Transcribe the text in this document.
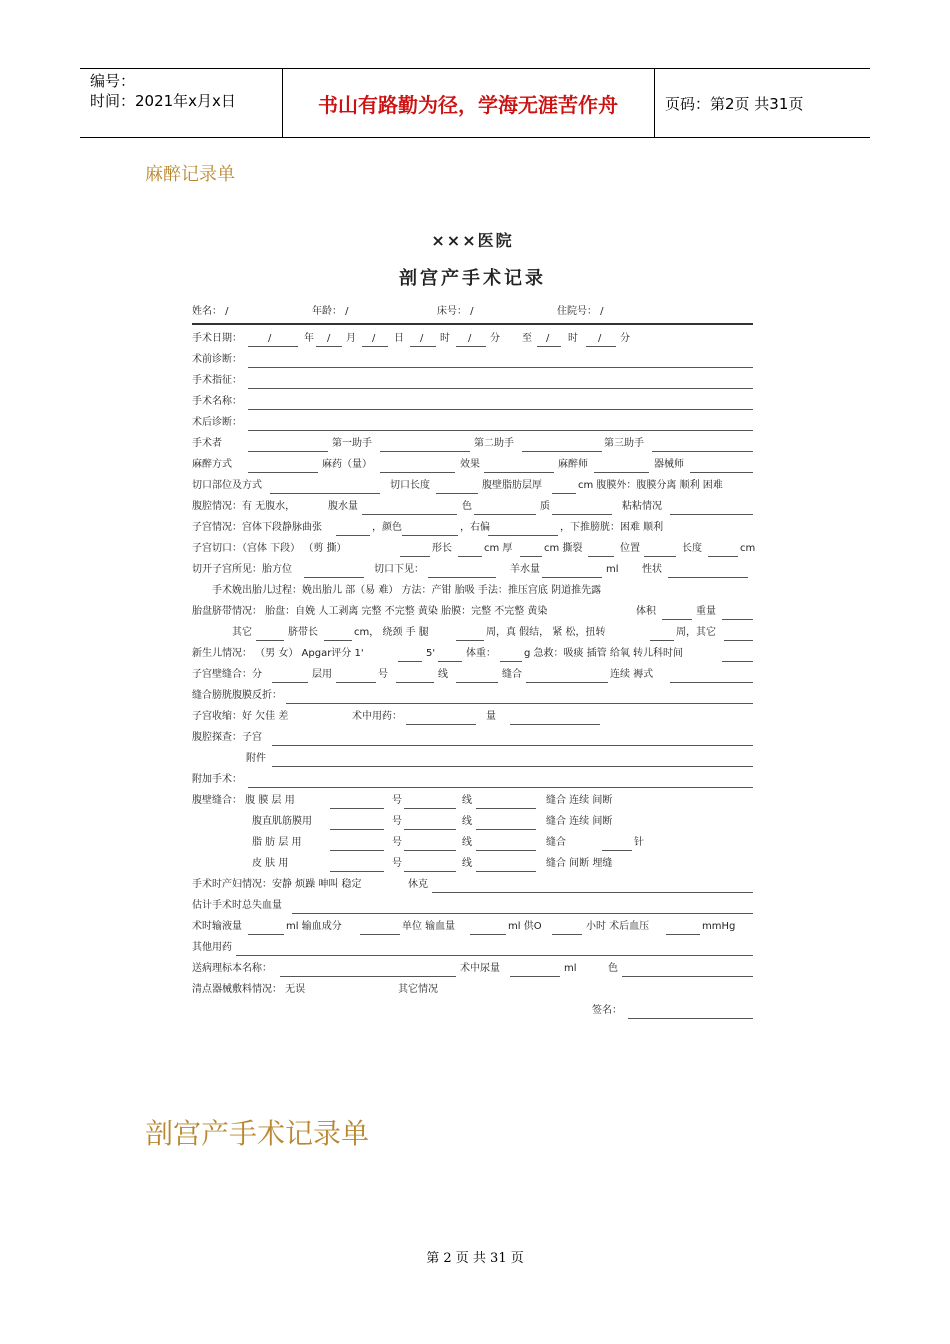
编号：
时间：2021年x月x日	书山有路勤为径，学海无涯苦作舟	页码：第2页 共31页
麻醉记录单
×××医院
剖宫产手术记录
姓名： /	年龄： /	床号： /	住院号： /
手术日期：	/	年 / 月 / 日 / 时 / 分 至 / 时 / 分
术前诊断：
手术指征：
手术名称：
术后诊断：
手术者	第一助手	第二助手	第三助手
麻醉方式	麻药（量）	效果	麻醉师	器械师
切口部位及方式	切口长度	腹壁脂肪层厚	cm 腹膜外：腹膜分离 顺利 困难
腹腔情况：有 无腹水，	腹水量	色	质	粘粘情况
子宫情况：宫体下段静脉曲张	，颜色	，右偏	，下推膀胱：困难 顺利
子宫切口：（宫体 下段） （剪 撕）	形长	cm 厚	cm 撕裂	位置	长度	cm
切开子宫所见：胎方位	切口下见：	羊水量	ml 性状
手术娩出胎儿过程：娩出胎儿 部（易 难） 方法：产钳 胎吸 手法：推压宫底 阴道推先露
胎盘脐带情况： 胎盘：自娩 人工剥离 完整 不完整 黄染 胎膜：完整 不完整 黄染	体积	重量
其它	脐带长	cm， 绕颈 手 腿	周，真 假结， 紧 松，扭转	周，其它
新生儿情况： （男 女） Apgar评分 1'	5'	体重：	g 急救：吸痰 插管 给氧 转儿科时间
子宫壁缝合：分	层用	号	线	缝合	连续 褥式
缝合膀胱腹膜反折：
子宫收缩：好 欠佳 差	术中用药：	量
腹腔探查：子宫
附件
附加手术：
腹壁缝合： 腹 膜 层 用	号	线	缝合 连续 间断
腹直肌筋膜用	号	线	缝合 连续 间断
脂 肪 层 用	号	线	缝合	针
皮 肤 用	号	线	缝合 间断 埋缝
手术时产妇情况：安静 烦躁 呻叫 稳定	休克
估计手术时总失血量
术时输液量	ml 输血成分	单位 输血量	ml 供O	小时 术后血压	mmHg
其他用药
送病理标本名称：	术中尿量	ml	色
清点器械敷料情况： 无误	其它情况
签名：
剖宫产手术记录单
第 2 页 共 31 页
